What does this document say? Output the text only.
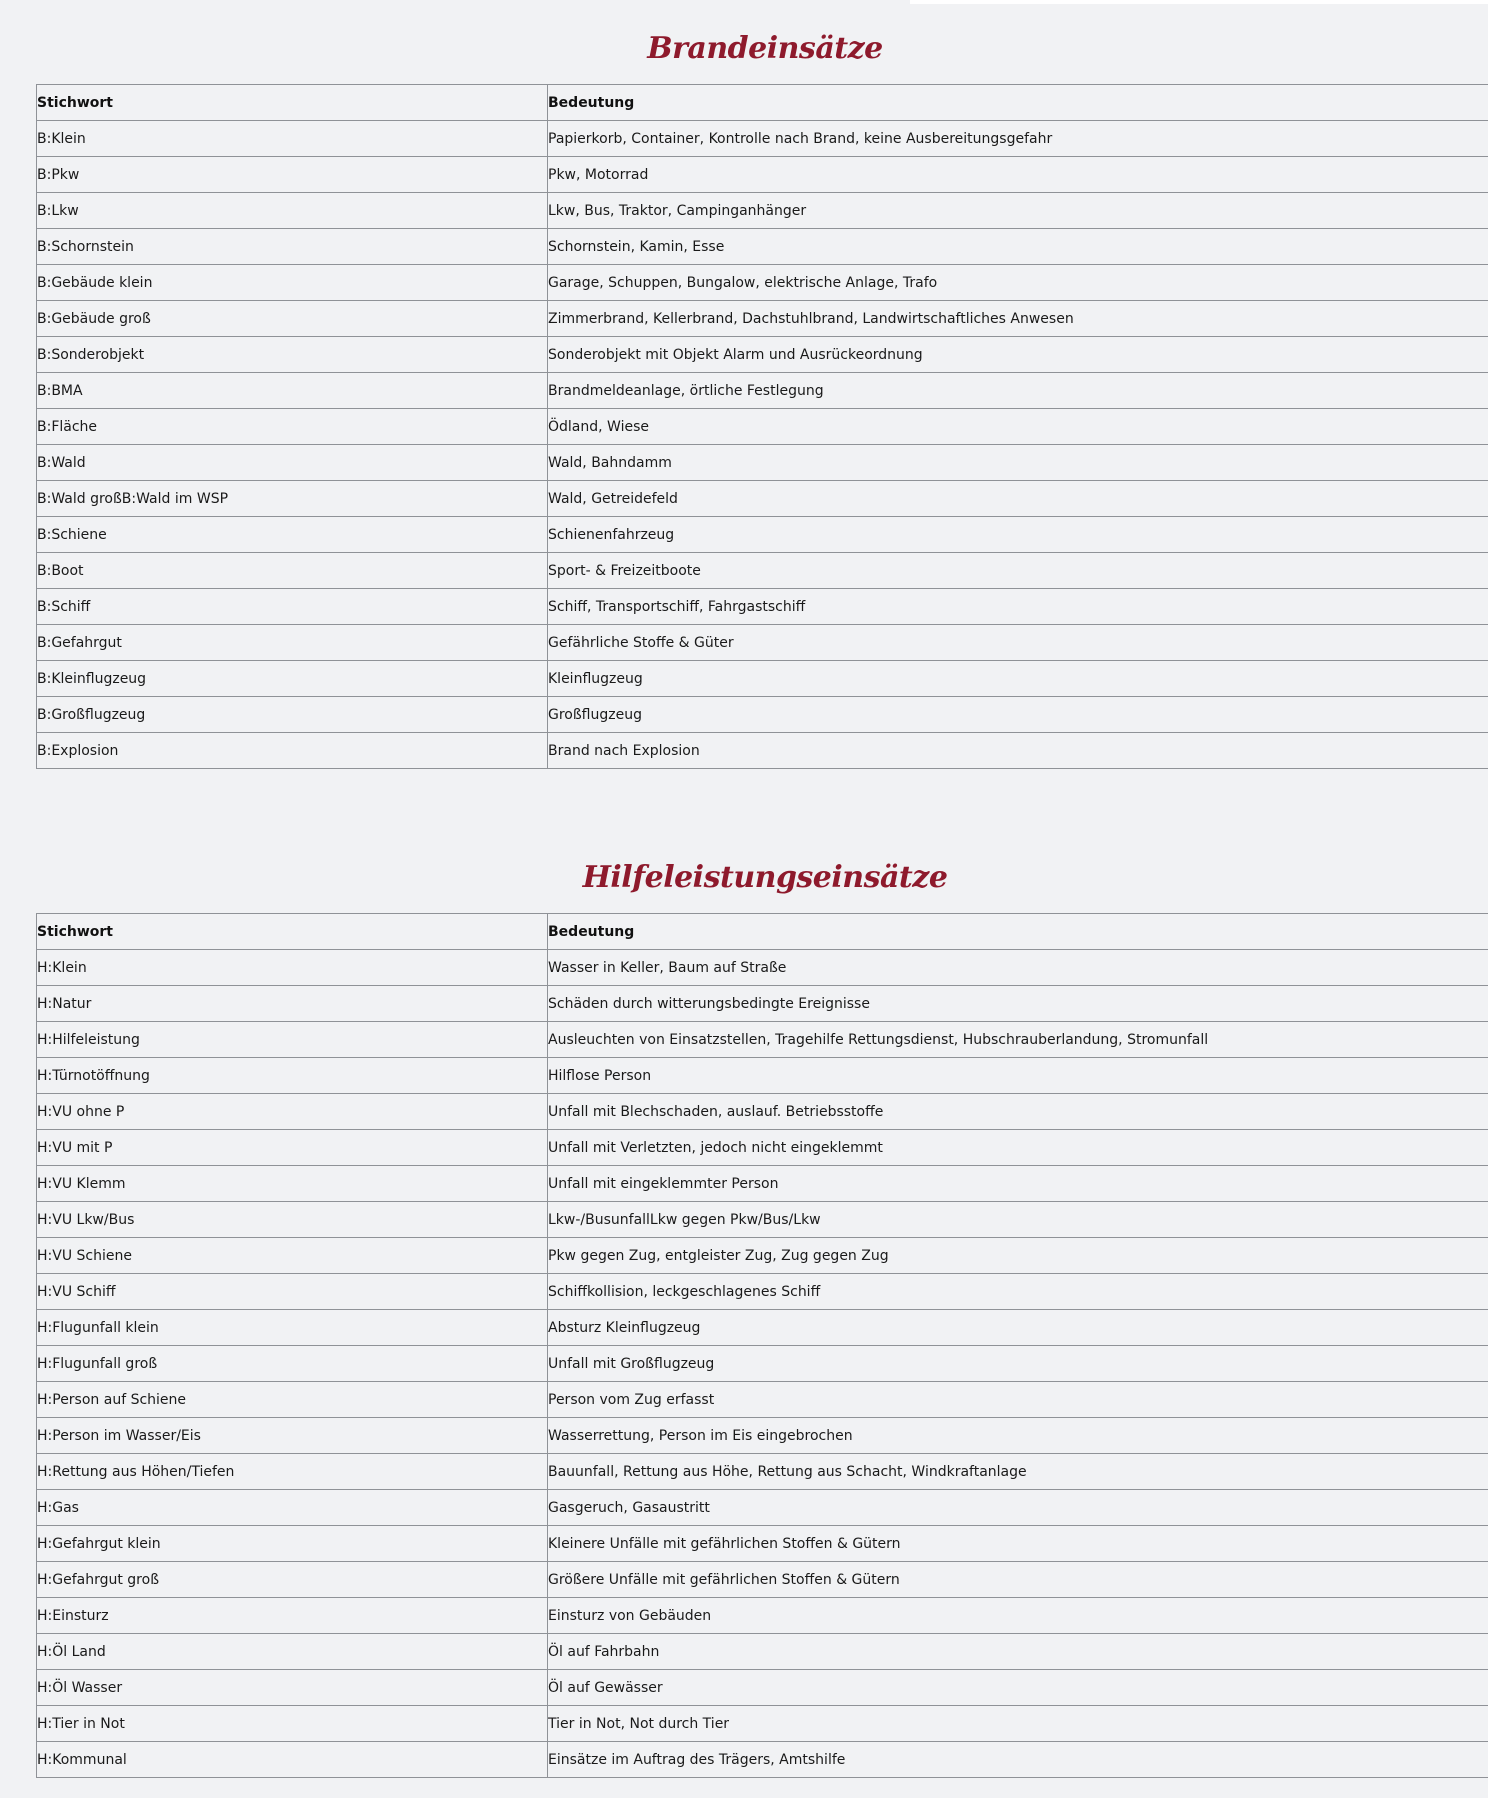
Brandeinsätze
Stichwort	Bedeutung
B:Klein	Papierkorb, Container, Kontrolle nach Brand, keine Ausbereitungsgefahr
B:Pkw	Pkw, Motorrad
B:Lkw	Lkw, Bus, Traktor, Campinganhänger
B:Schornstein	Schornstein, Kamin, Esse
B:Gebäude klein	Garage, Schuppen, Bungalow, elektrische Anlage, Trafo
B:Gebäude groß	Zimmerbrand, Kellerbrand, Dachstuhlbrand, Landwirtschaftliches Anwesen
B:Sonderobjekt	Sonderobjekt mit Objekt Alarm und Ausrückeordnung
B:BMA	Brandmeldeanlage, örtliche Festlegung
B:Fläche	Ödland, Wiese
B:Wald	Wald, Bahndamm
B:Wald großB:Wald im WSP	Wald, Getreidefeld
B:Schiene	Schienenfahrzeug
B:Boot	Sport- & Freizeitboote
B:Schiff	Schiff, Transportschiff, Fahrgastschiff
B:Gefahrgut	Gefährliche Stoffe & Güter
B:Kleinflugzeug	Kleinflugzeug
B:Großflugzeug	Großflugzeug
B:Explosion	Brand nach Explosion
Hilfeleistungseinsätze
Stichwort	Bedeutung
H:Klein	Wasser in Keller, Baum auf Straße
H:Natur	Schäden durch witterungsbedingte Ereignisse
H:Hilfeleistung	Ausleuchten von Einsatzstellen, Tragehilfe Rettungsdienst, Hubschrauberlandung, Stromunfall
H:Türnotöffnung	Hilflose Person
H:VU ohne P	Unfall mit Blechschaden, auslauf. Betriebsstoffe
H:VU mit P	Unfall mit Verletzten, jedoch nicht eingeklemmt
H:VU Klemm	Unfall mit eingeklemmter Person
H:VU Lkw/Bus	Lkw-/BusunfallLkw gegen Pkw/Bus/Lkw
H:VU Schiene	Pkw gegen Zug, entgleister Zug, Zug gegen Zug
H:VU Schiff	Schiffkollision, leckgeschlagenes Schiff
H:Flugunfall klein	Absturz Kleinflugzeug
H:Flugunfall groß	Unfall mit Großflugzeug
H:Person auf Schiene	Person vom Zug erfasst
H:Person im Wasser/Eis	Wasserrettung, Person im Eis eingebrochen
H:Rettung aus Höhen/Tiefen	Bauunfall, Rettung aus Höhe, Rettung aus Schacht, Windkraftanlage
H:Gas	Gasgeruch, Gasaustritt
H:Gefahrgut klein	Kleinere Unfälle mit gefährlichen Stoffen & Gütern
H:Gefahrgut groß	Größere Unfälle mit gefährlichen Stoffen & Gütern
H:Einsturz	Einsturz von Gebäuden
H:Öl Land	Öl auf Fahrbahn
H:Öl Wasser	Öl auf Gewässer
H:Tier in Not	Tier in Not, Not durch Tier
H:Kommunal	Einsätze im Auftrag des Trägers, Amtshilfe
